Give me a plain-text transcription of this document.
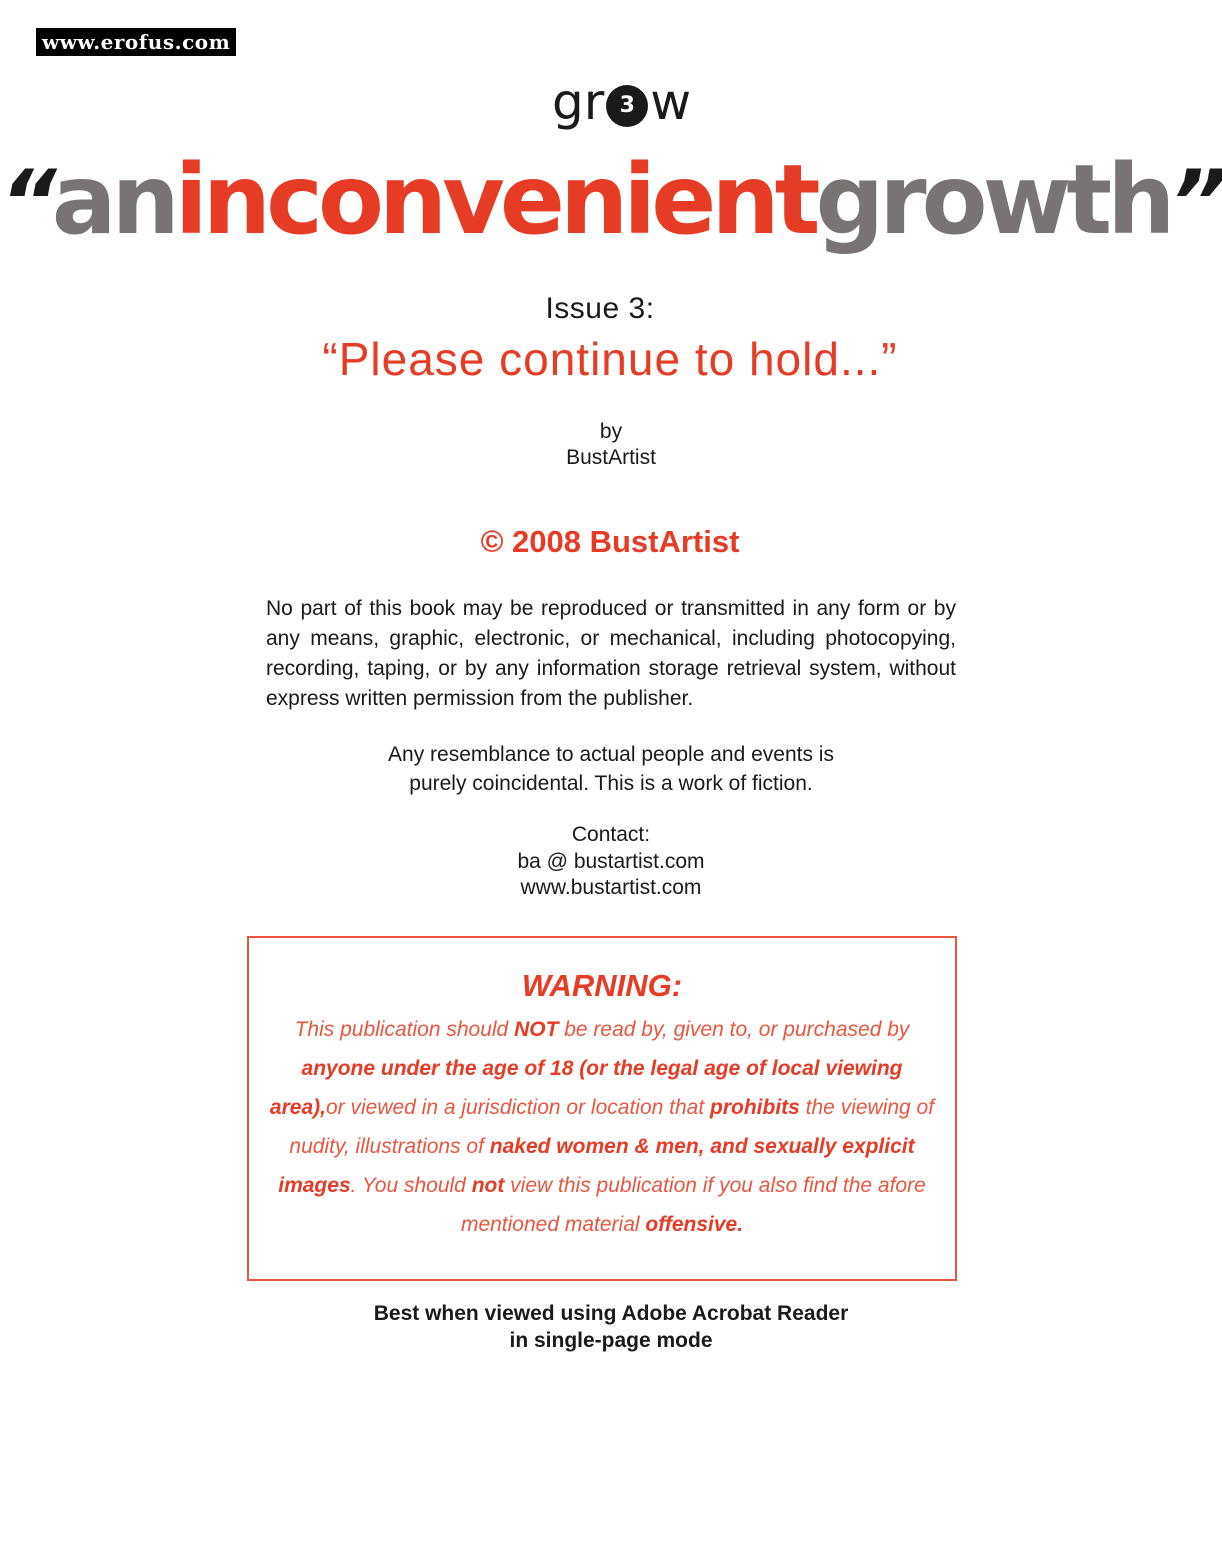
www.erofus.com
gr 3 w
“aninconvenientgrowth”
Issue 3:
“Please continue to hold...”
by
BustArtist
© 2008 BustArtist
No part of this book may be reproduced or transmitted in any form or by any means, graphic, electronic, or mechanical, including photocopying, recording, taping, or by any information storage retrieval system, without express written permission from the publisher.
Any resemblance to actual people and events is
purely coincidental. This is a work of fiction.
Contact:
ba @ bustartist.com
www.bustartist.com
WARNING:
This publication should NOT be read by, given to, or purchased by anyone under the age of 18 (or the legal age of local viewing area),or viewed in a jurisdiction or location that prohibits the viewing of nudity, illustrations of naked women & men, and sexually explicit images. You should not view this publication if you also find the afore mentioned material offensive.
Best when viewed using Adobe Acrobat Reader
in single-page mode
